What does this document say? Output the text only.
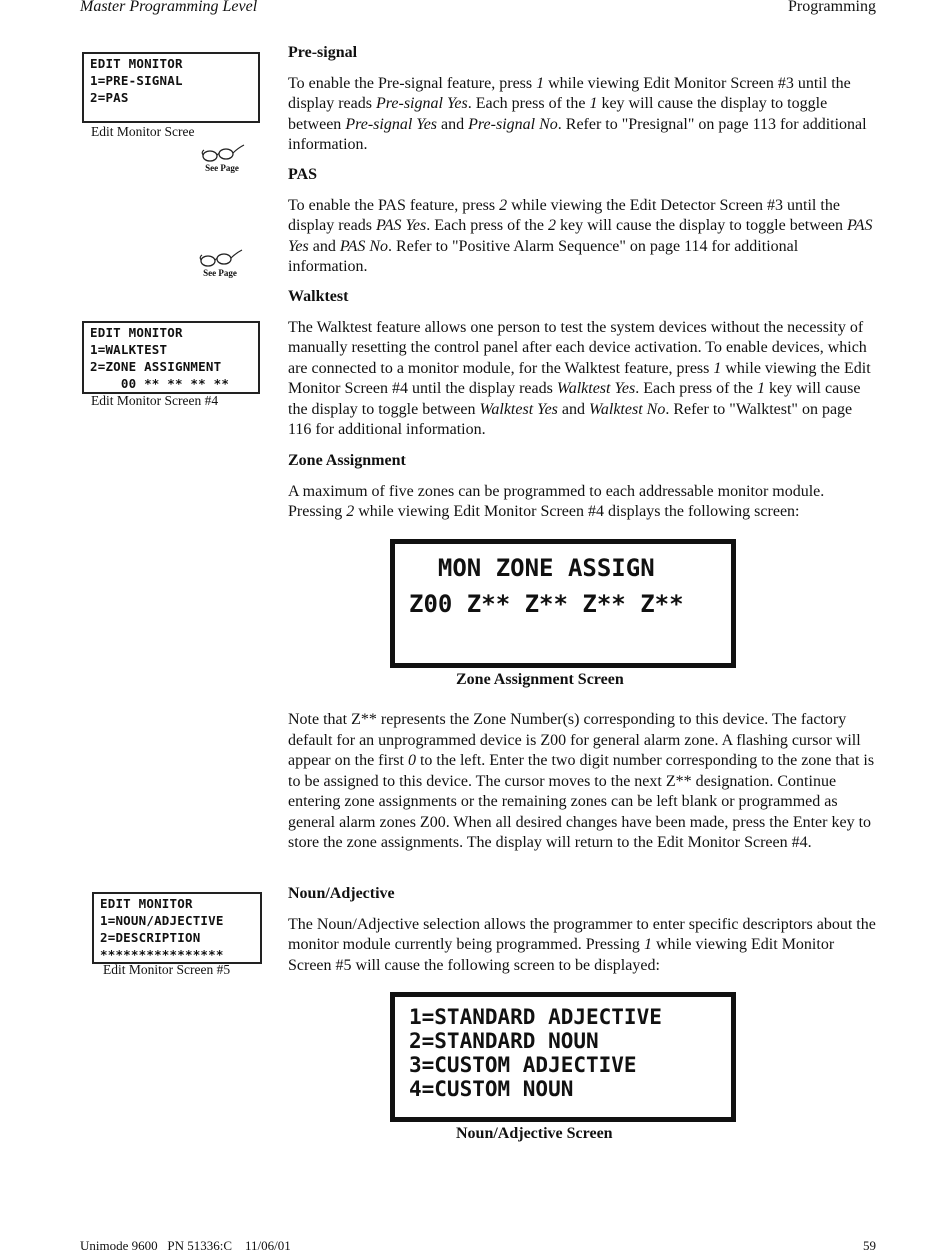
Master Programming Level	Programming
EDIT MONITOR
1=PRE-SIGNAL
2=PAS
Edit Monitor Scree
See Page
See Page
EDIT MONITOR
1=WALKTEST
2=ZONE ASSIGNMENT
00 ** ** ** **
Edit Monitor Screen #4
EDIT MONITOR
1=NOUN/ADJECTIVE
2=DESCRIPTION
****************
Edit Monitor Screen #5
Pre-signal

To enable the Pre-signal feature, press 1 while viewing Edit Monitor Screen #3 until the display reads Pre-signal Yes. Each press of the 1 key will cause the display to toggle between Pre-signal Yes and Pre-signal No. Refer to "Presignal" on page 113 for additional information.

PAS

To enable the PAS feature, press 2 while viewing the Edit Detector Screen #3 until the display reads PAS Yes. Each press of the 2 key will cause the display to toggle between PAS Yes and PAS No. Refer to "Positive Alarm Sequence" on page 114 for additional information.

Walktest

The Walktest feature allows one person to test the system devices without the necessity of manually resetting the control panel after each device activation. To enable devices, which are connected to a monitor module, for the Walktest feature, press 1 while viewing the Edit Monitor Screen #4 until the display reads Walktest Yes. Each press of the 1 key will cause the display to toggle between Walktest Yes and Walktest No. Refer to "Walktest" on page 116 for additional information.

Zone Assignment

A maximum of five zones can be programmed to each addressable monitor module. Pressing 2 while viewing Edit Monitor Screen #4 displays the following screen:

MON ZONE ASSIGN
Z00 Z** Z** Z** Z**
Zone Assignment Screen

Note that Z** represents the Zone Number(s) corresponding to this device. The factory default for an unprogrammed device is Z00 for general alarm zone. A flashing cursor will appear on the first 0 to the left. Enter the two digit number corresponding to the zone that is to be assigned to this device. The cursor moves to the next Z** designation. Continue entering zone assignments or the remaining zones can be left blank or programmed as general alarm zones Z00. When all desired changes have been made, press the Enter key to store the zone assignments. The display will return to the Edit Monitor Screen #4.

Noun/Adjective

The Noun/Adjective selection allows the programmer to enter specific descriptors about the monitor module currently being programmed. Pressing 1 while viewing Edit Monitor Screen #5 will cause the following screen to be displayed:

1=STANDARD ADJECTIVE
2=STANDARD NOUN
3=CUSTOM ADJECTIVE
4=CUSTOM NOUN
Noun/Adjective Screen
Unimode 9600   PN 51336:C    11/06/01	59
